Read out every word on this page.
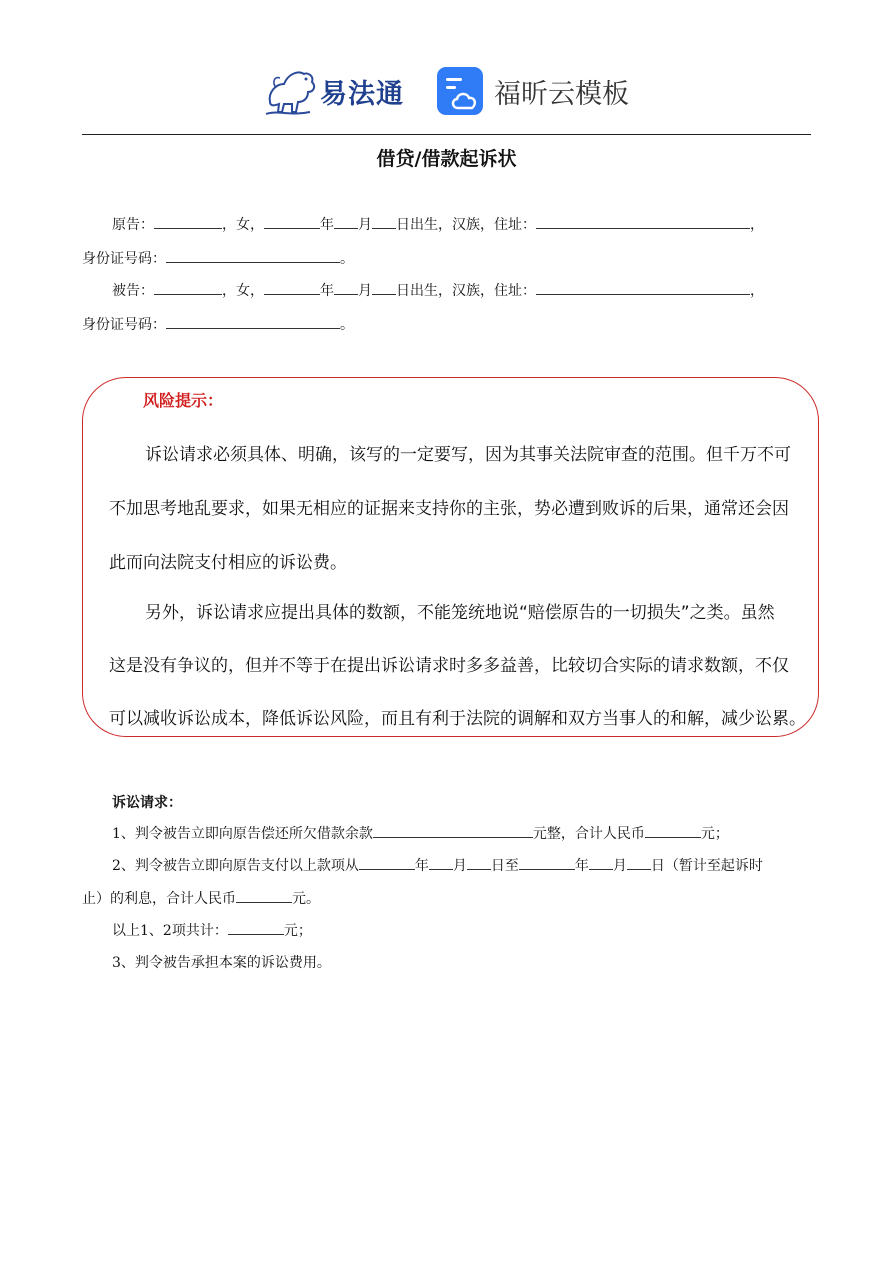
易法通	福昕云模板
借贷/借款起诉状
原告：	，女，	年 月 日出生，汉族，住址：	，
身份证号码：	。
被告：	，女，	年 月 日出生，汉族，住址：	，
身份证号码：	。
风险提示：
诉讼请求必须具体、明确，该写的一定要写，因为其事关法院审查的范围。但千万不可
不加思考地乱要求，如果无相应的证据来支持你的主张，势必遭到败诉的后果，通常还会因
此而向法院支付相应的诉讼费。
另外，诉讼请求应提出具体的数额，不能笼统地说“赔偿原告的一切损失”之类。虽然
这是没有争议的，但并不等于在提出诉讼请求时多多益善，比较切合实际的请求数额，不仅
可以减收诉讼成本，降低诉讼风险，而且有利于法院的调解和双方当事人的和解，减少讼累。
诉讼请求：
1、判令被告立即向原告偿还所欠借款余款	元整，合计人民币	元；
2、判令被告立即向原告支付以上款项从	年 月 日至	年 月 日（暂计至起诉时
止）的利息，合计人民币	元。
以上1、2项共计：	元；
3、判令被告承担本案的诉讼费用。
